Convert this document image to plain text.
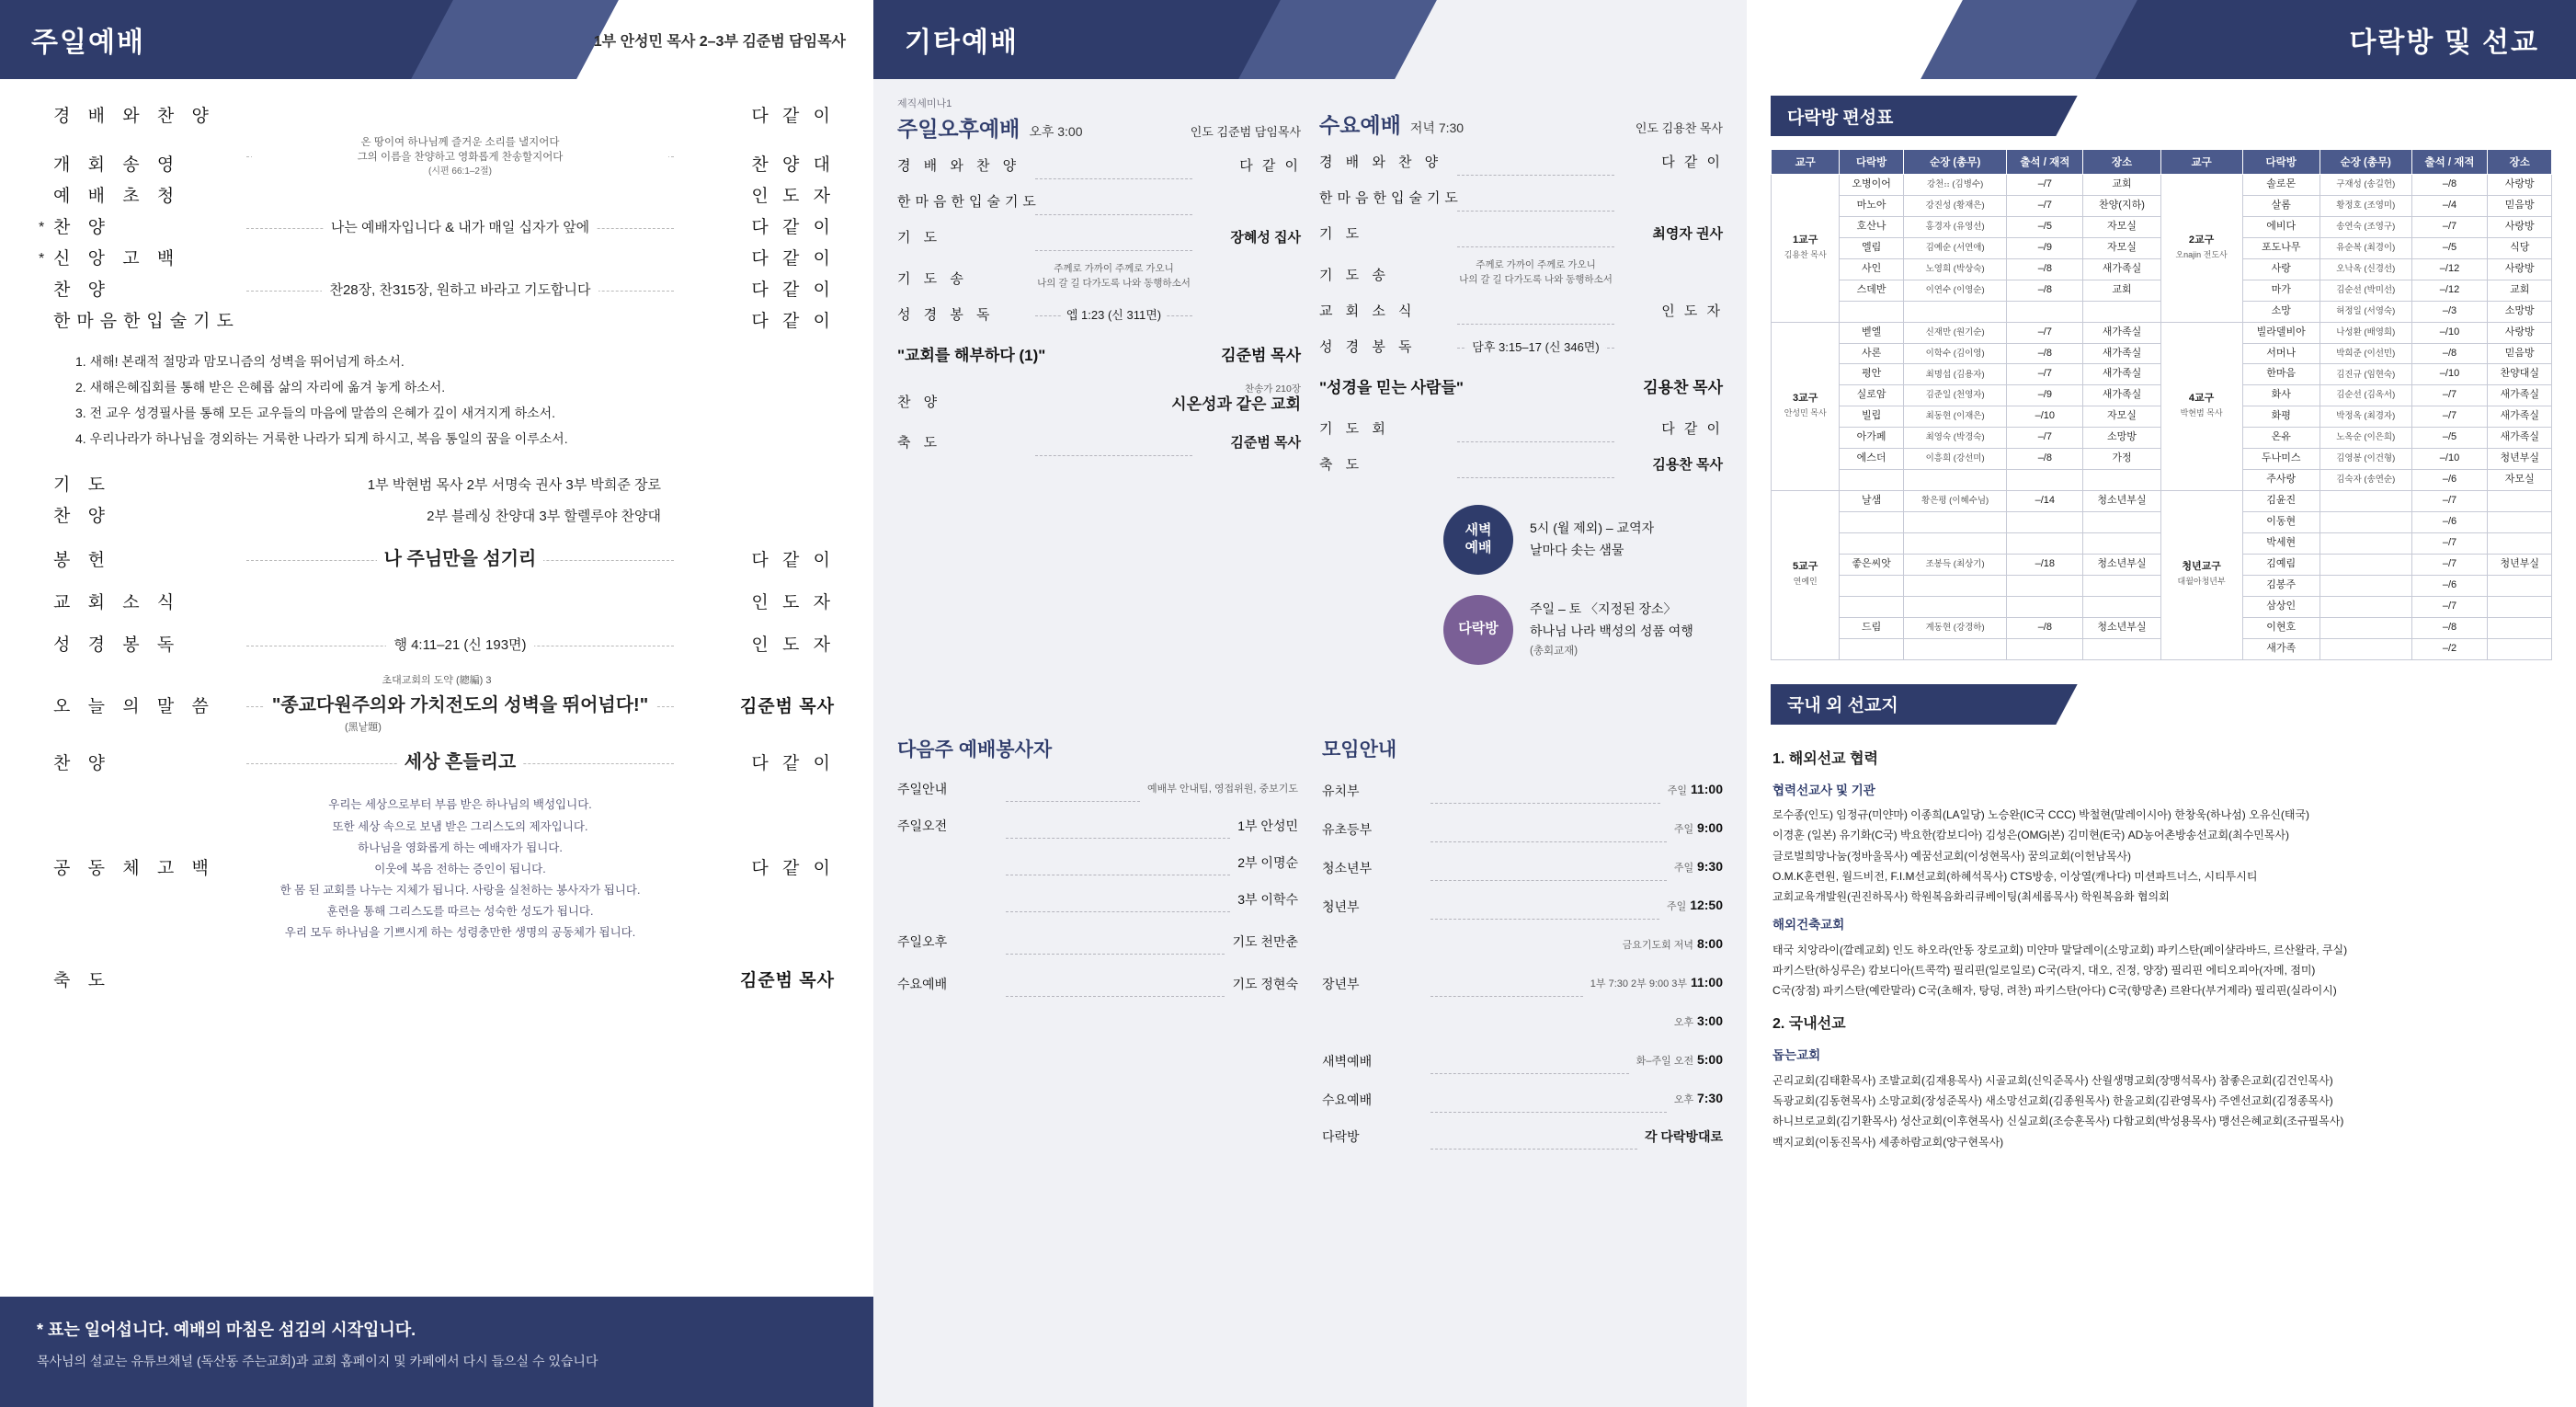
주일예배	1부 안성민 목사 2–3부 김준범 담임목사
경 배 와 찬 양	다 같 이
개 회 송 영
온 땅이여 하나님께 즐거운 소리를 낼지어다
그의 이름을 찬양하고 영화롭게 찬송할지어다
(시편 66:1–2절)	찬 양 대
예 배 초 청	인 도 자
* 찬 양	나는 예배자입니다 & 내가 매일 십자가 앞에	다 같 이
* 신 앙 고 백	다 같 이
찬 양	찬28장, 찬315장, 원하고 바라고 기도합니다	다 같 이
한마음한입술기도	다 같 이
1. 새해! 본래적 절망과 맘모니즘의 성벽을 뛰어넘게 하소서.
2. 새해은혜집회를 통해 받은 은혜롭 삶의 자리에 옮겨 놓게 하소서.
3. 전 교우 성경필사를 통해 모든 교우들의 마음에 말씀의 은혜가 깊이 새겨지게 하소서.
4. 우리나라가 하나님을 경외하는 거룩한 나라가 되게 하시고, 복음 통일의 꿈을 이루소서.
기 도	1부 박현범 목사 2부 서명숙 권사 3부 박희준 장로
찬 양	2부 블레싱 찬양대 3부 할렐루야 찬양대
봉 헌	나 주님만을 섬기리	다 같 이
교 회 소 식	인 도 자
성 경 봉 독	행 4:11–21 (신 193면)	인 도 자
초대교회의 도약 (總編) 3
오 늘 의 말 씀	"종교다원주의와 가치전도의 성벽을 뛰어넘다!"	김준범 목사
(黑낱題)
찬 양	세상 흔들리고	다 같 이
공 동 체 고 백
우리는 세상으로부터 부름 받은 하나님의 백성입니다.
또한 세상 속으로 보냄 받은 그리스도의 제자입니다.
하나님을 영화롭게 하는 예배자가 됩니다.
이웃에 복음 전하는 증인이 됩니다.
한 몸 된 교회를 나누는 지체가 됩니다. 사랑을 실천하는 봉사자가 됩니다.
훈련을 통해 그리스도를 따르는 성숙한 성도가 됩니다.
우리 모두 하나님을 기쁘시게 하는 성령충만한 생명의 공동체가 됩니다.
다 같 이
축 도	김준범 목사
* 표는 일어섭니다. 예배의 마침은 섬김의 시작입니다.
목사님의 설교는 유튜브채널 (독산동 주는교회)과 교회 홈페이지 및 카페에서 다시 들으실 수 있습니다
기타예배
제직세미나1
주일오후예배 오후 3:00	인도 김준범 담임목사
경 배 와 찬 양	다 같 이
한마음한입술기도
기 도	장혜성 집사
기 도 송
주께로 가까이 주께로 가오니
나의 갈 길 다가도록 나와 동행하소서
성 경 봉 독	엡 1:23 (신 311면)
"교회를 해부하다 (1)"	김준범 목사
찬 양
찬송가 210장
시온성과 같은 교회
축 도	김준범 목사

수요예배 저녁 7:30	인도 김용찬 목사
경 배 와 찬 양	다 같 이
한마음한입술기도
기 도	최영자 권사
기 도 송
주께로 가까이 주께로 가오니
나의 갈 길 다가도록 나와 동행하소서
교 회 소 식	인 도 자
성 경 봉 독	담후 3:15–17 (신 346면)
"성경을 믿는 사람들"	김용찬 목사
기 도 회	다 같 이
축 도	김용찬 목사
새벽
예배
5시 (월 제외) – 교역자
날마다 솟는 샘물
다락방
주일 – 토 〈지정된 장소〉
하나님 나라 백성의 성품 여행
(총회교재)
다음주 예배봉사자
주일안내	예배부 안내팀, 영접위원, 중보기도
주일오전	1부 안성민
2부 이명순
3부 이학수
주일오후	기도 천만춘
수요예배	기도 정현숙
모임안내
유치부	주일 11:00
유초등부	주일 9:00
청소년부	주일 9:30
청년부	주일 12:50
금요기도회 저녁 8:00
장년부	1부 7:30 2부 9:00 3부 11:00
오후 3:00
새벽예배	화–주일 오전 5:00
수요예배	오후 7:30
다락방	각 다락방대로
다락방 및 선교
다락방 편성표
교구	다락방	순장 (총무)	출석 / 재적	장소	교구	다락방	순장 (총무)	출석 / 재적	장소
1교구
김용찬 목사	오병이어	강천։։ (김병수)	–/7	교회	2교구
오najin 전도사	솔로몬	구재성 (송길헌)	–/8	사랑방
	마노아	강진성 (황재은)	–/7	찬양(지하)		살롬	황정호 (조영미)	–/4	믿음방
	호산나	홍경자 (유영선)	–/5	자모실		에비다	송연숙 (조영구)	–/7	사랑방
	엘림	김예순 (서연애)	–/9	자모실		포도나무	유순복 (최경이)	–/5	식당
	사인	노영희 (박상숙)	–/8	새가족실		사랑	오낙옥 (신경선)	–/12	사랑방
	스데반	이연수 (이영순)	–/8	교회		마가	김순선 (박미선)	–/12	교회
						소망	허정일 (서영숙)	–/3	소망방
3교구
안성민 목사	벧엘	신재만 (원기순)	–/7	새가족실	4교구
박현범 목사	빌라델비아	나성환 (배영희)	–/10	사랑방
	사론	이학수 (김이영)	–/8	새가족실		서머나	박희준 (이선민)	–/8	믿음방
	평안	최명섭 (김용자)	–/7	새가족실		한마음	김진규 (임현숙)	–/10	찬양대실
	실로암	김준일 (천영자)	–/9	새가족실		화사	김순선 (김옥서)	–/7	새가족실
	빌립	최동현 (이재은)	–/10	자모실		화평	박정옥 (최경자)	–/7	새가족실
	아가페	최영숙 (박경숙)	–/7	소망방		온유	노옥순 (이은희)	–/5	새가족실
	에스더	이흥희 (강선미)	–/8	가정		두나미스	김영봉 (이건형)	–/10	청년부실
						주사랑	김숙자 (송연순)	–/6	자모실
5교구
연예인	날샘	황은평 (이혜수님)	–/14	청소년부실	청년교구
대월아청년부	김윤진		–/7	
						이동현		–/6	
						박세현		–/7	
	좋은씨앗	조봉득 (최상기)	–/18	청소년부실		김예림		–/7	청년부실
						김봉주		–/6	
						삼상인		–/7	
	드림	계동현 (강경하)	–/8	청소년부실		이현호		–/8	
						새가족		–/2	
국내 외 선교지
1. 해외선교 협력
협력선교사 및 기관
로수종(인도) 임정규(미얀마) 이종희(LA일당) 노승완(IC국 CCC) 박철현(말레이시아) 한창욱(하나섬) 오유신(태국)
이경훈 (일본) 유기화(C국) 박요한(캄보디아) 김성은(OMG|본) 김미현(E국) AD농어촌방송선교회(최수민목사)
글로벌희망나눔(정바울목사) 예꿈선교회(이성현목사) 꿈의교회(이헌남목사)
O.M.K훈련원, 월드비전, F.I.M선교회(하혜석목사) CTS방송, 이상열(캐나다) 미션파트너스, 시티투시티
교회교육개발원(권진하목사) 학원복음화리큐베이팅(최세롬목사) 학원복음화 협의회
해외건축교회
태국 치앙라이(깔레교회) 인도 하오라(안동 장로교회) 미얀마 말달레이(소망교회) 파키스탄(페이샬라바드, 르산왈라, 쿠실)
파키스탄(하싱루은) 캄보디아(트콕깍) 필리핀(일로일로) C국(라지, 대오, 진정, 양장) 필리핀 에티오피아(자메, 점미)
C국(장점) 파키스탄(예란말라) C국(초해자, 탕덩, 려찬) 파키스탄(아다) C국(향망촌) 르완다(부거제라) 필리핀(실라이시)
2. 국내선교
돕는교회
곤리교회(김태환목사) 조발교회(김재용목사) 시골교회(신익준목사) 산월생명교회(장맹석목사) 참좋은교회(김건인목사)
독광교회(김동현목사) 소망교회(장성준목사) 새소망선교회(김종원목사) 한울교회(김관영목사) 주엔선교회(김정종목사)
하니브로교회(김기환목사) 성산교회(이후현목사) 신실교회(조승훈목사) 다함교회(박성용목사) 맹선은혜교회(조규필목사)
백지교회(이동진목사) 세종하람교회(양구현목사)
